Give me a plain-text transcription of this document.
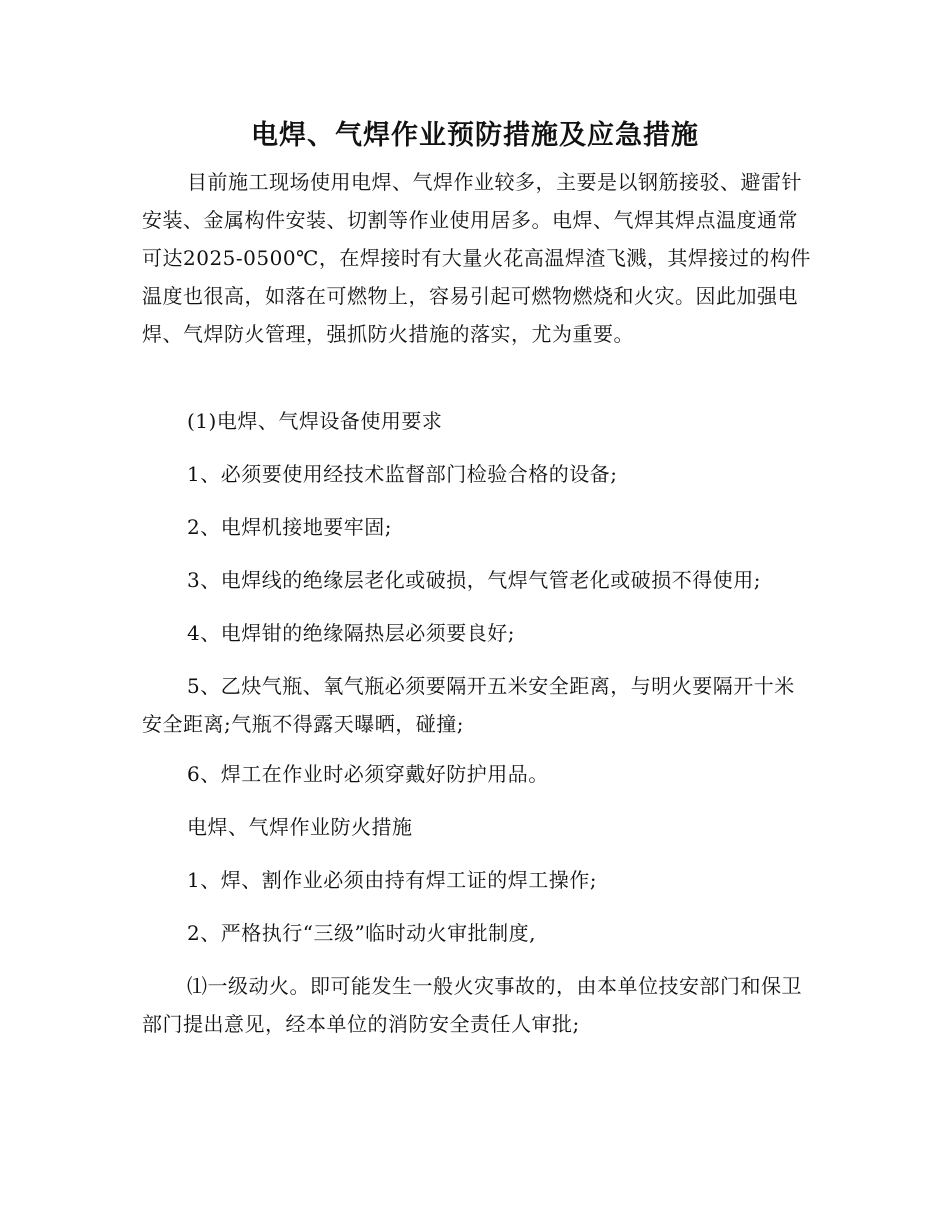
电焊、气焊作业预防措施及应急措施

目前施工现场使用电焊、气焊作业较多，主要是以钢筋接驳、避雷针安装、金属构件安装、切割等作业使用居多。电焊、气焊其焊点温度通常可达2025-0500℃，在焊接时有大量火花高温焊渣飞溅，其焊接过的构件温度也很高，如落在可燃物上，容易引起可燃物燃烧和火灾。因此加强电焊、气焊防火管理，强抓防火措施的落实，尤为重要。

(1)电焊、气焊设备使用要求

1、必须要使用经技术监督部门检验合格的设备;

2、电焊机接地要牢固;

3、电焊线的绝缘层老化或破损，气焊气管老化或破损不得使用;

4、电焊钳的绝缘隔热层必须要良好;

5、乙炔气瓶、氧气瓶必须要隔开五米安全距离，与明火要隔开十米安全距离;气瓶不得露天曝晒，碰撞;

6、焊工在作业时必须穿戴好防护用品。

电焊、气焊作业防火措施

1、焊、割作业必须由持有焊工证的焊工操作;

2、严格执行“三级”临时动火审批制度,

⑴一级动火。即可能发生一般火灾事故的，由本单位技安部门和保卫部门提出意见，经本单位的消防安全责任人审批;
